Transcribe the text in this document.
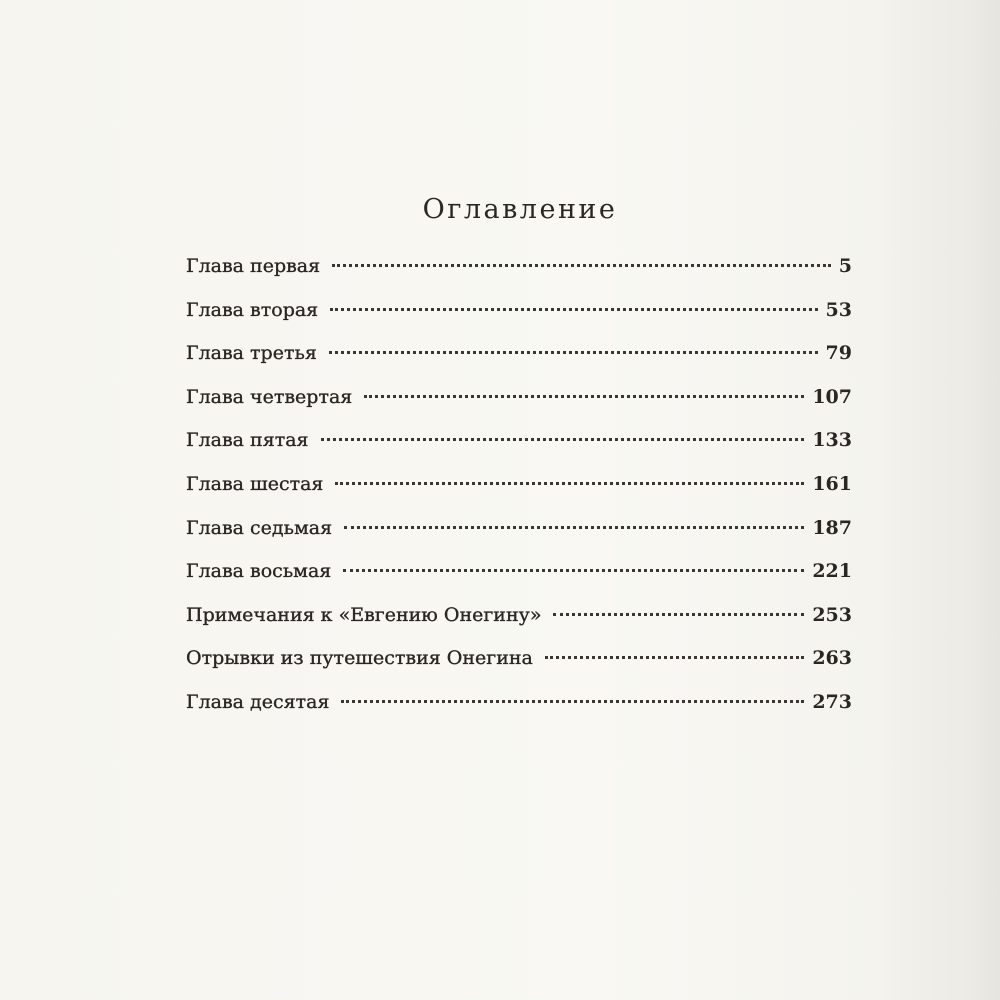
Оглавление
Глава первая	5
Глава вторая	53
Глава третья	79
Глава четвертая	107
Глава пятая	133
Глава шестая	161
Глава седьмая	187
Глава восьмая	221
Примечания к «Евгению Онегину»	253
Отрывки из путешествия Онегина	263
Глава десятая	273
